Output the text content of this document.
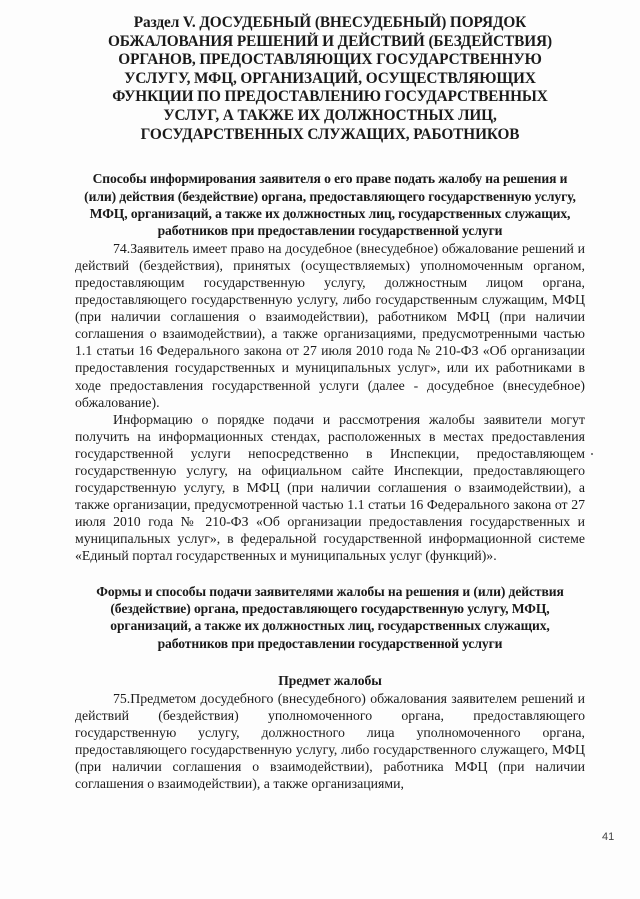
Раздел V. ДОСУДЕБНЫЙ (ВНЕСУДЕБНЫЙ) ПОРЯДОК ОБЖАЛОВАНИЯ РЕШЕНИЙ И ДЕЙСТВИЙ (БЕЗДЕЙСТВИЯ) ОРГАНОВ, ПРЕДОСТАВЛЯЮЩИХ ГОСУДАРСТВЕННУЮ УСЛУГУ, МФЦ, ОРГАНИЗАЦИЙ, ОСУЩЕСТВЛЯЮЩИХ ФУНКЦИИ ПО ПРЕДОСТАВЛЕНИЮ ГОСУДАРСТВЕННЫХ УСЛУГ, А ТАКЖЕ ИХ ДОЛЖНОСТНЫХ ЛИЦ, ГОСУДАРСТВЕННЫХ СЛУЖАЩИХ, РАБОТНИКОВ
Способы информирования заявителя о его праве подать жалобу на решения и (или) действия (бездействие) органа, предоставляющего государственную услугу, МФЦ, организаций, а также их должностных лиц, государственных служащих, работников при предоставлении государственной услуги

74.Заявитель имеет право на досудебное (внесудебное) обжалование решений и действий (бездействия), принятых (осуществляемых) уполномоченным органом, предоставляющим государственную услугу, должностным лицом органа, предоставляющего государственную услугу, либо государственным служащим, МФЦ (при наличии соглашения о взаимодействии), работником МФЦ (при наличии соглашения о взаимодействии), а также организациями, предусмотренными частью 1.1 статьи 16 Федерального закона от 27 июля 2010 года № 210-ФЗ «Об организации предоставления государственных и муниципальных услуг», или их работниками в ходе предоставления государственной услуги (далее - досудебное (внесудебное) обжалование).

Информацию о порядке подачи и рассмотрения жалобы заявители могут получить на информационных стендах, расположенных в местах предоставления государственной услуги непосредственно в Инспекции, предоставляющем государственную услугу, на официальном сайте Инспекции, предоставляющего государственную услугу, в МФЦ (при наличии соглашения о взаимодействии), а также организации, предусмотренной частью 1.1 статьи 16 Федерального закона от 27 июля 2010 года № 210-ФЗ «Об организации предоставления государственных и муниципальных услуг», в федеральной государственной информационной системе «Единый портал государственных и муниципальных услуг (функций)».

Формы и способы подачи заявителями жалобы на решения и (или) действия (бездействие) органа, предоставляющего государственную услугу, МФЦ, организаций, а также их должностных лиц, государственных служащих, работников при предоставлении государственной услуги
Предмет жалобы

75.Предметом досудебного (внесудебного) обжалования заявителем решений и действий (бездействия) уполномоченного органа, предоставляющего государственную услугу, должностного лица уполномоченного органа, предоставляющего государственную услугу, либо государственного служащего, МФЦ (при наличии соглашения о взаимодействии), работника МФЦ (при наличии соглашения о взаимодействии), а также организациями,

41
